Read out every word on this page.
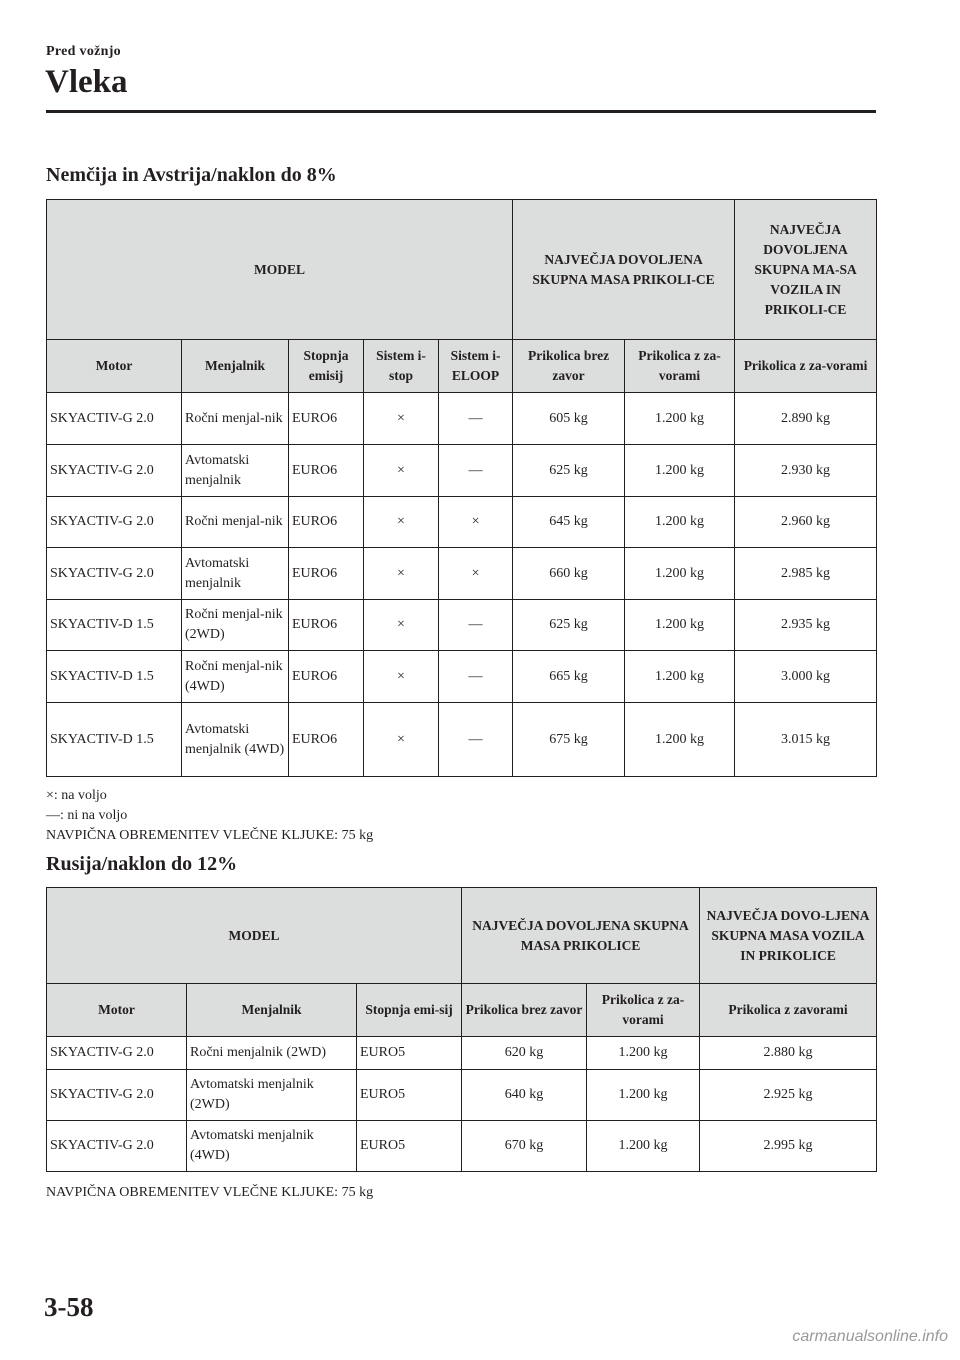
Pred vožnjo
Vleka
Nemčija in Avstrija/naklon do 8%
MODEL					NAJVEČJA DOVOLJENA SKUPNA MASA PRIKOLI-CE		NAJVEČJA DOVOLJENA SKUPNA MA-SA VOZILA IN PRIKOLI-CE
Motor	Menjalnik	Stopnja emisij	Sistem i-stop	Sistem i-ELOOP	Prikolica brez zavor	Prikolica z za-vorami	Prikolica z za-vorami
SKYACTIV-G 2.0	Ročni menjal-nik	EURO6	×	—	605 kg	1.200 kg	2.890 kg
SKYACTIV-G 2.0	Avtomatski menjalnik	EURO6	×	—	625 kg	1.200 kg	2.930 kg
SKYACTIV-G 2.0	Ročni menjal-nik	EURO6	×	×	645 kg	1.200 kg	2.960 kg
SKYACTIV-G 2.0	Avtomatski menjalnik	EURO6	×	×	660 kg	1.200 kg	2.985 kg
SKYACTIV-D 1.5	Ročni menjal-nik (2WD)	EURO6	×	—	625 kg	1.200 kg	2.935 kg
SKYACTIV-D 1.5	Ročni menjal-nik (4WD)	EURO6	×	—	665 kg	1.200 kg	3.000 kg
SKYACTIV-D 1.5	Avtomatski menjalnik (4WD)	EURO6	×	—	675 kg	1.200 kg	3.015 kg
×: na voljo
—: ni na voljo
NAVPIČNA OBREMENITEV VLEČNE KLJUKE: 75 kg
Rusija/naklon do 12%
MODEL			NAJVEČJA DOVOLJENA SKUPNA MASA PRIKOLICE		NAJVEČJA DOVO-LJENA SKUPNA MASA VOZILA IN PRIKOLICE
Motor	Menjalnik	Stopnja emi-sij	Prikolica brez zavor	Prikolica z za-vorami	Prikolica z zavorami
SKYACTIV-G 2.0	Ročni menjalnik (2WD)	EURO5	620 kg	1.200 kg	2.880 kg
SKYACTIV-G 2.0	Avtomatski menjalnik (2WD)	EURO5	640 kg	1.200 kg	2.925 kg
SKYACTIV-G 2.0	Avtomatski menjalnik (4WD)	EURO5	670 kg	1.200 kg	2.995 kg
NAVPIČNA OBREMENITEV VLEČNE KLJUKE: 75 kg
3-58
carmanualsonline.info
